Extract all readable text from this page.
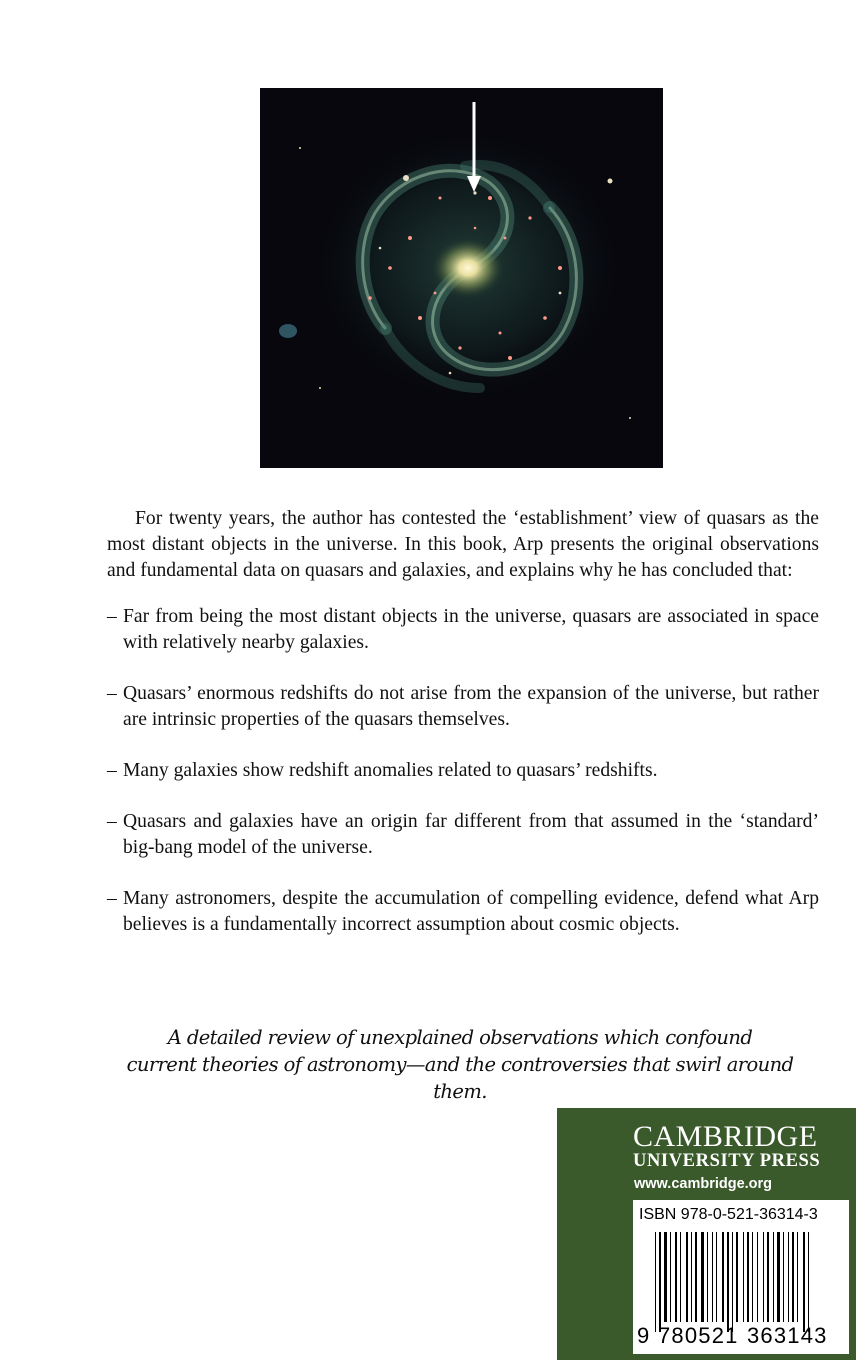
For twenty years, the author has contested the ‘establishment’ view of quasars as the most distant objects in the universe. In this book, Arp presents the original observations and fundamental data on quasars and galaxies, and explains why he has concluded that:

– Far from being the most distant objects in the universe, quasars are associated in space with relatively nearby galaxies.

– Quasars’ enormous redshifts do not arise from the expansion of the universe, but rather are intrinsic properties of the quasars themselves.

– Many galaxies show redshift anomalies related to quasars’ redshifts.

– Quasars and galaxies have an origin far different from that assumed in the ‘standard’ big-bang model of the universe.

– Many astronomers, despite the accumulation of compelling evidence, defend what Arp believes is a fundamentally incorrect assumption about cosmic objects.

A detailed review of unexplained observations which confound
current theories of astronomy—and the controversies that swirl around them.
CAMBRIDGE
UNIVERSITY PRESS
www.cambridge.org
ISBN 978-0-521-36314-3
9 780521 363143
